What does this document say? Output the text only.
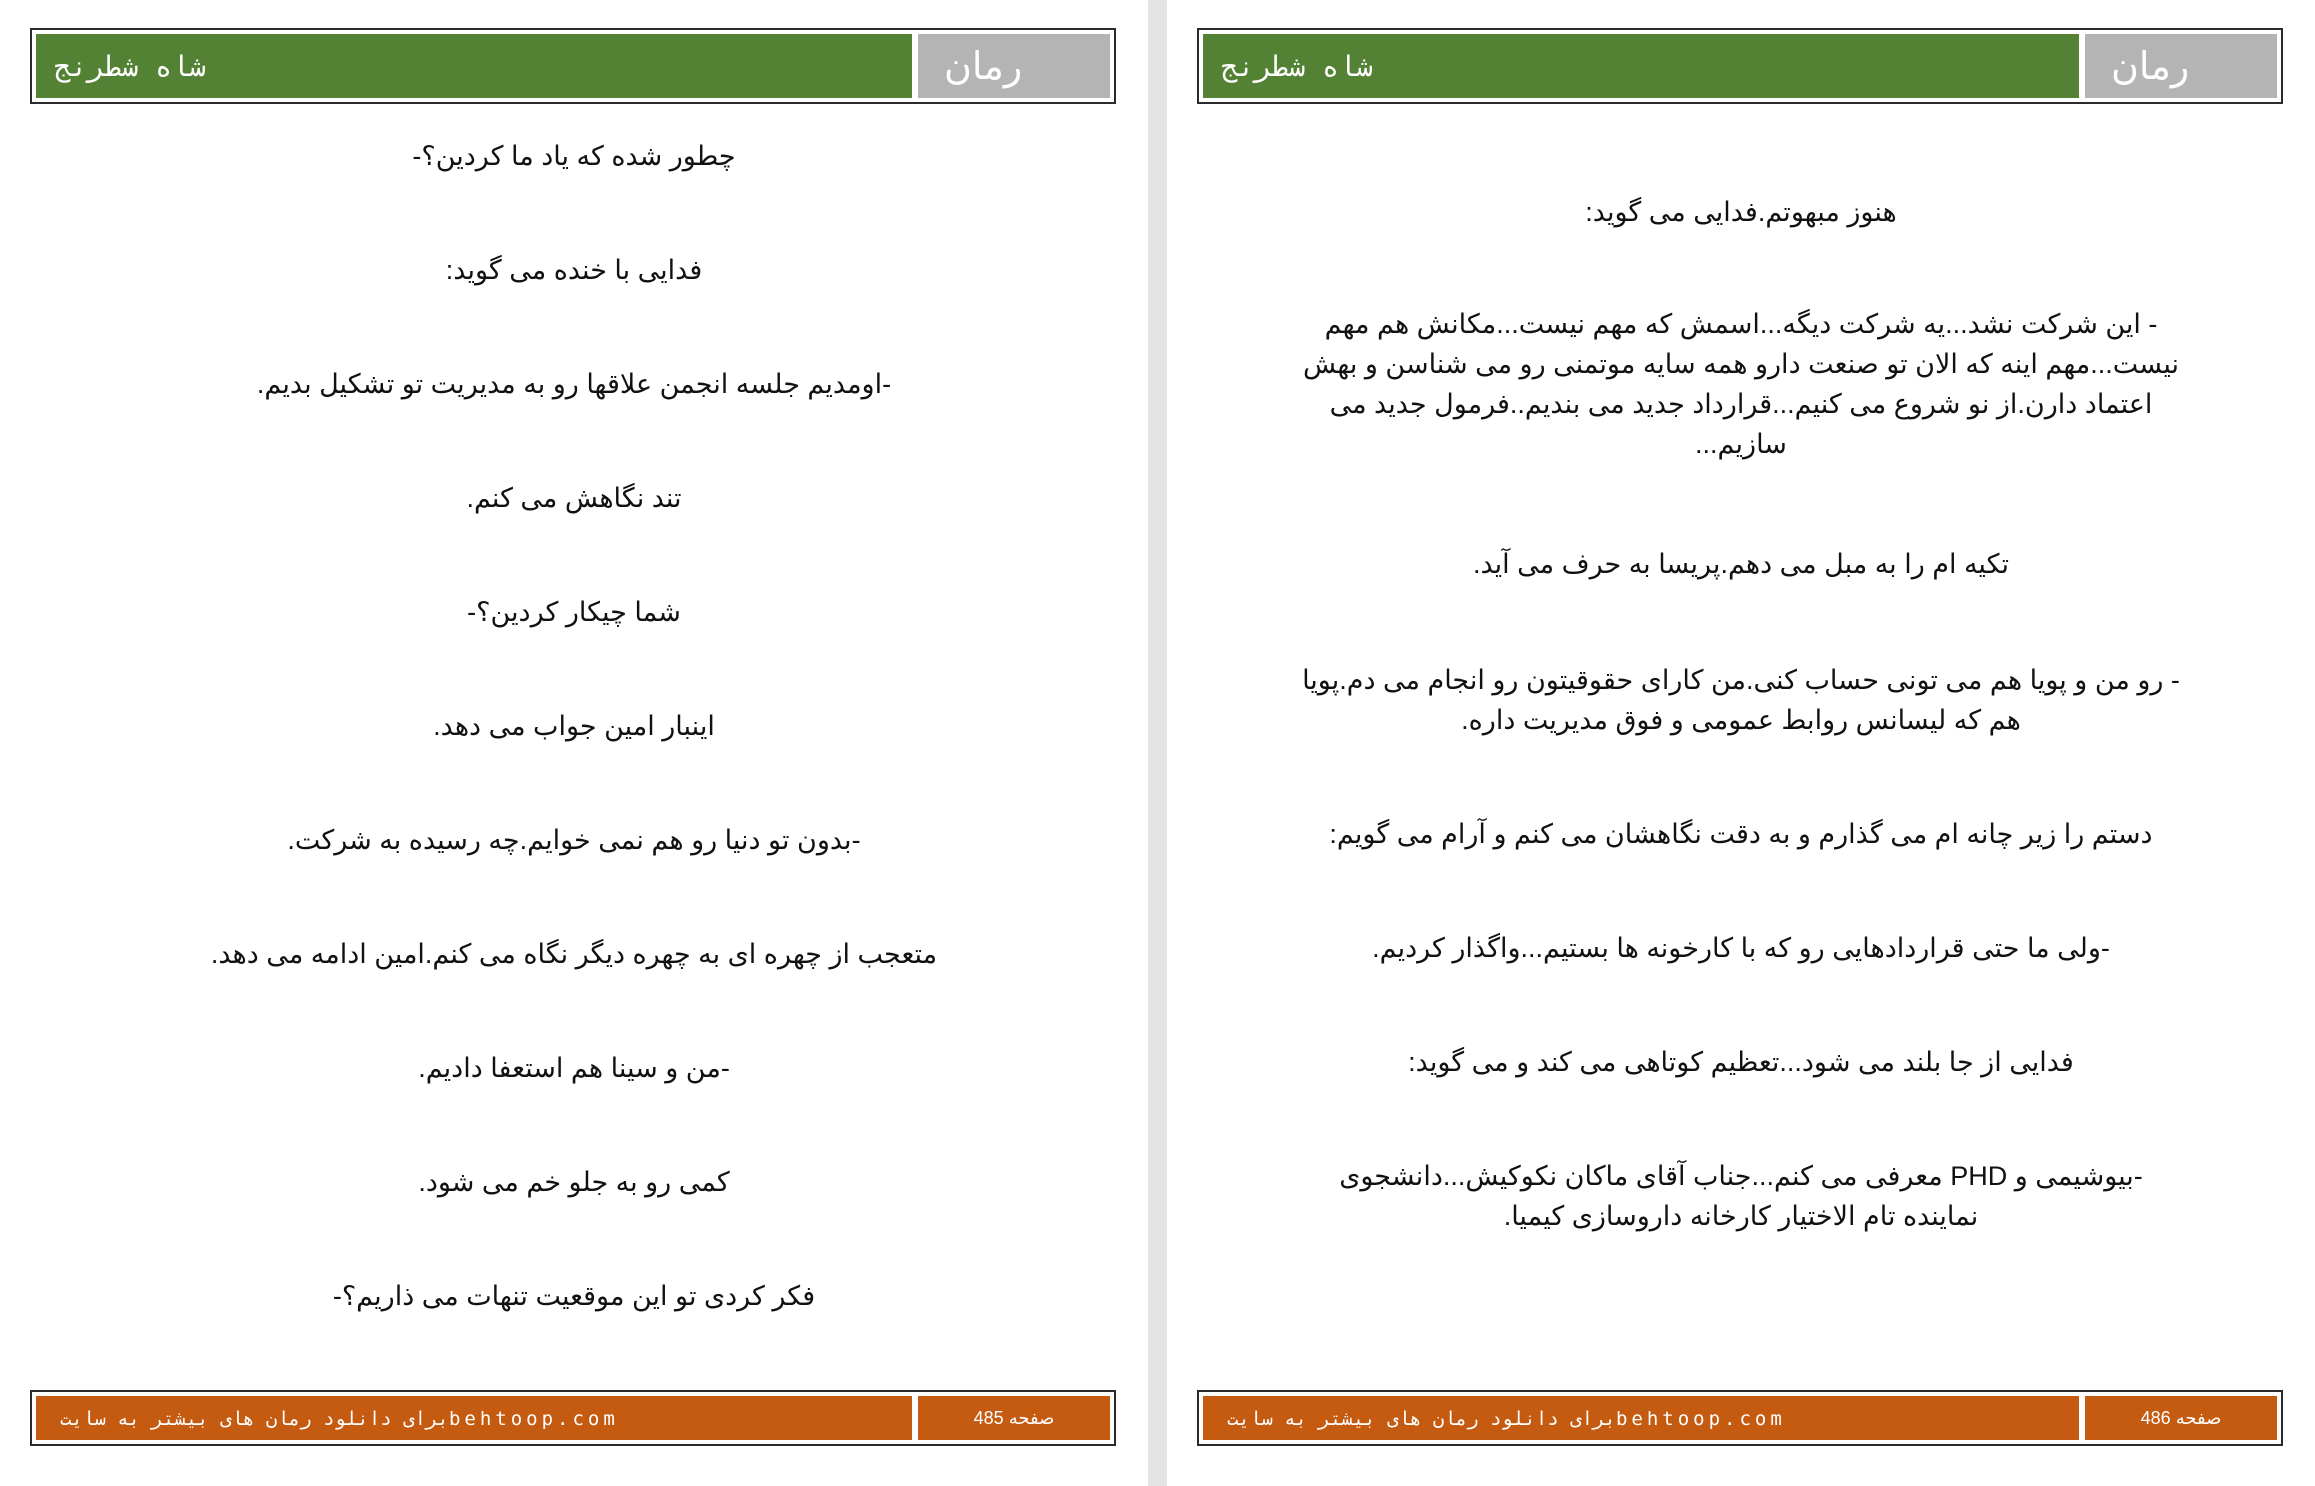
شاه شطرنج	رمان
چطور شده که یاد ما کردین؟-
فدایی با خنده می گوید:
-اومدیم جلسه انجمن علاقها رو به مدیریت تو تشکیل بدیم.
تند نگاهش می کنم.
شما چیکار کردین؟-
اینبار امین جواب می دهد.
-بدون تو دنیا رو هم نمی خوایم.چه رسیده به شرکت.
متعجب از چهره ای به چهره دیگر نگاه می کنم.امین ادامه می دهد.
-من و سینا هم استعفا دادیم.
کمی رو به جلو خم می شود.
فکر کردی تو این موقعیت تنهات می ذاریم؟-
برای دانلود رمان های بیشتر به سایتbehtoop.com	صفحه 485
شاه شطرنج	رمان
هنوز مبهوتم.فدایی می گوید:
- این شرکت نشد...یه شرکت دیگه...اسمش که مهم نیست...مکانش هم مهم نیست...مهم اینه که الان تو صنعت دارو همه سایه موتمنی رو می شناسن و بهش اعتماد دارن.از نو شروع می کنیم...قرارداد جدید می بندیم..فرمول جدید می سازیم...
تکیه ام را به مبل می دهم.پریسا به حرف می آید.
- رو من و پویا هم می تونی حساب کنی.من کارای حقوقیتون رو انجام می دم.پویا هم که لیسانس روابط عمومی و فوق مدیریت داره.
دستم را زیر چانه ام می گذارم و به دقت نگاهشان می کنم و آرام می گویم:
-ولی ما حتی قراردادهایی رو که با کارخونه ها بستیم...واگذار کردیم.
فدایی از جا بلند می شود...تعظیم کوتاهی می کند و می گوید:
-بیوشیمی و PHD معرفی می کنم...جناب آقای ماکان نکوکیش...دانشجوی نماینده تام الاختیار کارخانه داروسازی کیمیا.
برای دانلود رمان های بیشتر به سایتbehtoop.com	صفحه 486
